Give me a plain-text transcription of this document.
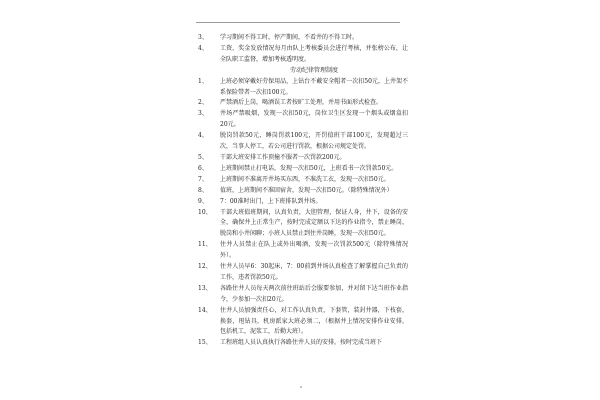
3、	学习期间不得工时，停产期间，不看井的不得工时。
4、	工资，奖金发放情况每月由队上考核委员会进行考核，并张榜公布，让全队职工监督，增加考核透明度。
劳动纪律管理制度
1、	上班必须穿戴好劳保用品，上钻台不戴安全帽者一次扣50元，上井架不系保险带者一次扣100元。
2、	严禁酒后上岗，喝酒误工者按旷工处理，并用书面形式检查。
3、	井场严禁吸烟，发现一次扣50元，岗位卫生区发现一个烟头或烟盒扣20元。
4、	脱岗罚款50元，睡岗罚款100元，开罚值班干部100元，发现超过三次，当事人停工，若公司进行罚款，根据公司规定处罚。
5、	干部大班安排工作顶撞不服者一次罚款200元。
6、	上班期间禁止打电话，发现一次扣50元，上班看书一次罚款50元。
7、	上班期间不准离开井场买东西，不准洗工衣，发现一次扣50元。
8、	值班，上班期间不准回宿舍，发现一次扣50元。（除特殊情况外）
9、	7：00准时出门，上下班排队到井场。
10、	干部大班值班期间，认真负责，大胆管理，保证人身，井下，设备的安全，确保井上正常生产，按时完成定额以下达的作业指令，禁止睡岗，脱岗和小井闲聊；小班人员禁止到住井岗睡，发现一次扣50元。
11、	住井人员禁止在队上或外出喝酒，发现一次罚款500元（除特殊情况外）。
12、	住井人员早6：30起床，7：00前到井场认真检查了解掌握自己负责的工作，违者罚款50元。
13、	各路住井人员每天两次前往班站后会服要参加，并对留下达当班作业指令，少参加一次扣20元。
14、	住井人员加强责任心，对工作认真负责，下套管，装封井器，下枝套，换套，甩钻具，机房派家大班必须二，（根据井上情况安排作业安排，包括机工，泥浆工，后勤大班）。
15、	工程班组人员认真执行各路住井人员的安排，按时完成当班下
